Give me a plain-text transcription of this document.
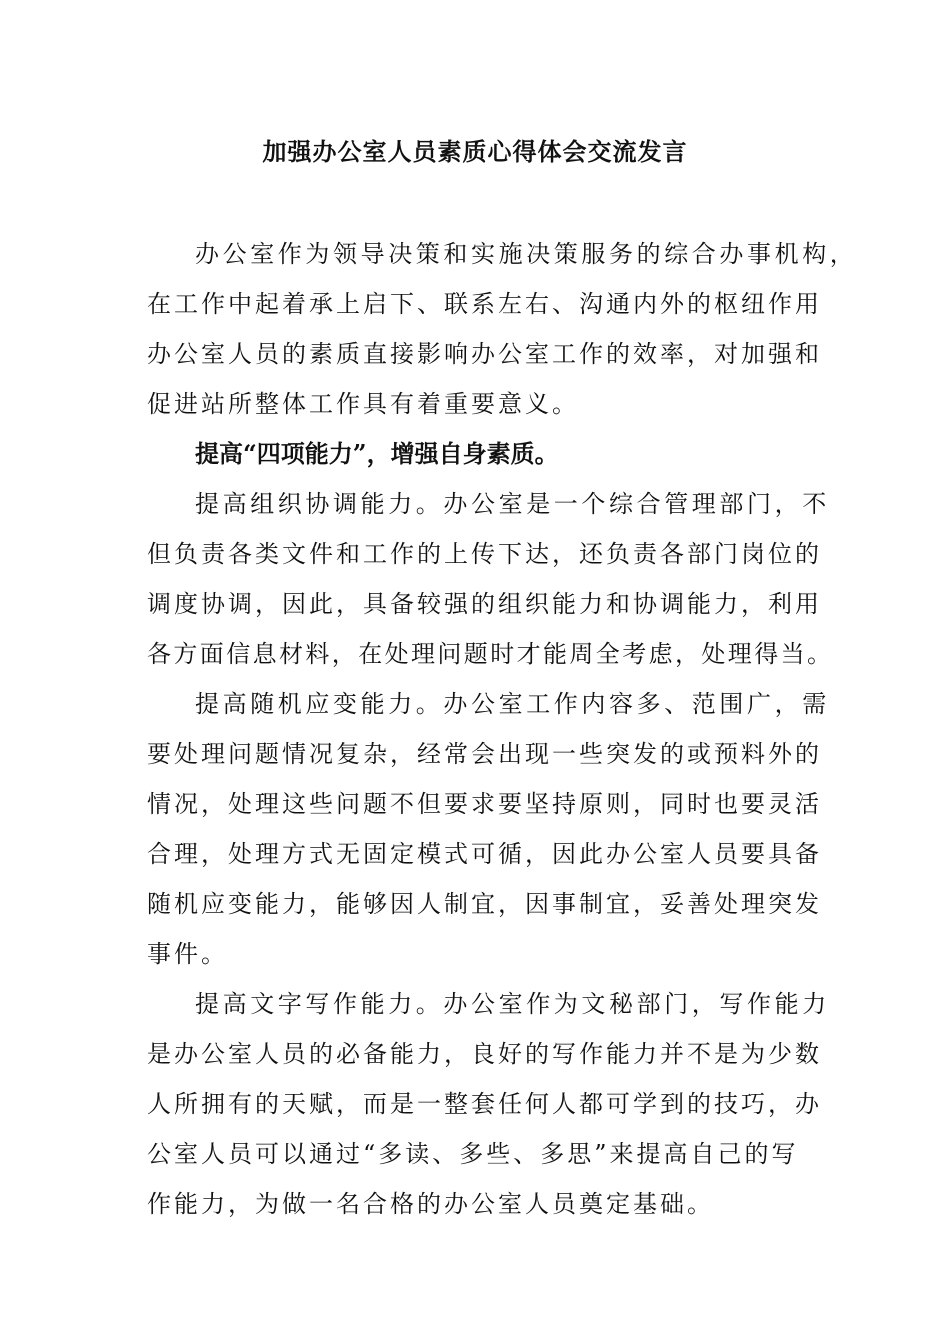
加强办公室人员素质心得体会交流发言

办公室作为领导决策和实施决策服务的综合办事机构，

在工作中起着承上启下、联系左右、沟通内外的枢纽作用

办公室人员的素质直接影响办公室工作的效率，对加强和

促进站所整体工作具有着重要意义。

提高“四项能力”，增强自身素质。

提高组织协调能力。办公室是一个综合管理部门，不

但负责各类文件和工作的上传下达，还负责各部门岗位的

调度协调，因此，具备较强的组织能力和协调能力，利用

各方面信息材料，在处理问题时才能周全考虑，处理得当。

提高随机应变能力。办公室工作内容多、范围广，需

要处理问题情况复杂，经常会出现一些突发的或预料外的

情况，处理这些问题不但要求要坚持原则，同时也要灵活

合理，处理方式无固定模式可循，因此办公室人员要具备

随机应变能力，能够因人制宜，因事制宜，妥善处理突发

事件。

提高文字写作能力。办公室作为文秘部门，写作能力

是办公室人员的必备能力，良好的写作能力并不是为少数

人所拥有的天赋，而是一整套任何人都可学到的技巧，办

公室人员可以通过“多读、多些、多思”来提高自己的写

作能力，为做一名合格的办公室人员奠定基础。
